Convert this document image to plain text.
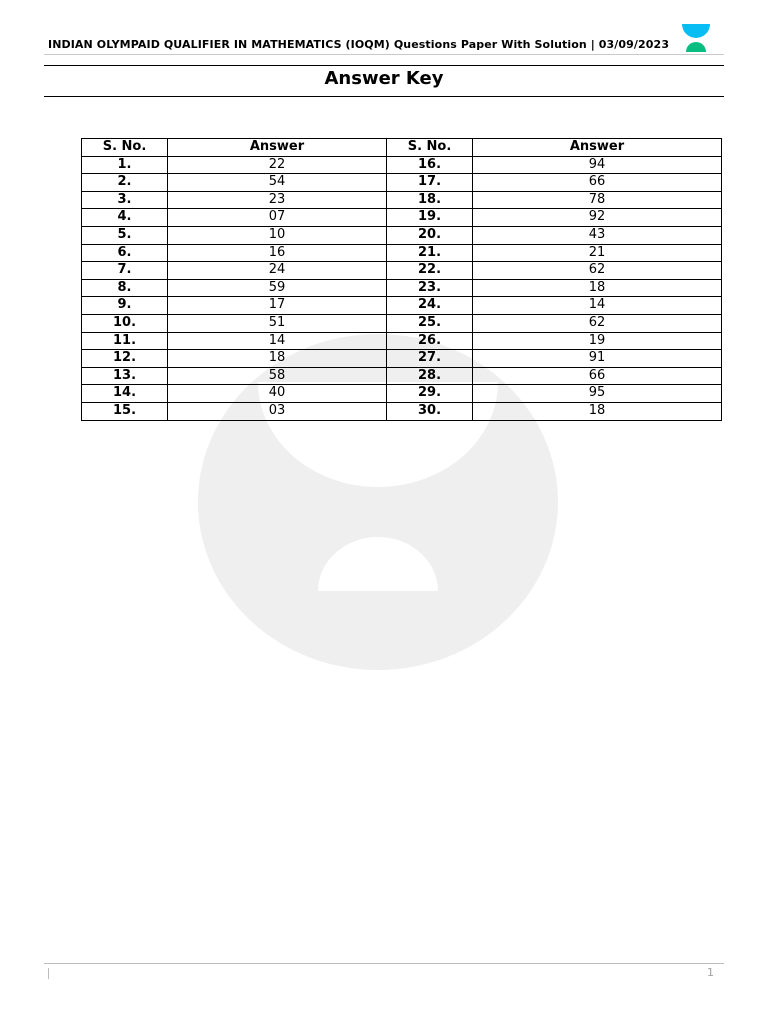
INDIAN OLYMPAID QUALIFIER IN MATHEMATICS (IOQM) Questions Paper With Solution | 03/09/2023
Answer Key
S. No.	Answer	S. No.	Answer
1.	22	16.	94
2.	54	17.	66
3.	23	18.	78
4.	07	19.	92
5.	10	20.	43
6.	16	21.	21
7.	24	22.	62
8.	59	23.	18
9.	17	24.	14
10.	51	25.	62
11.	14	26.	19
12.	18	27.	91
13.	58	28.	66
14.	40	29.	95
15.	03	30.	18
1
